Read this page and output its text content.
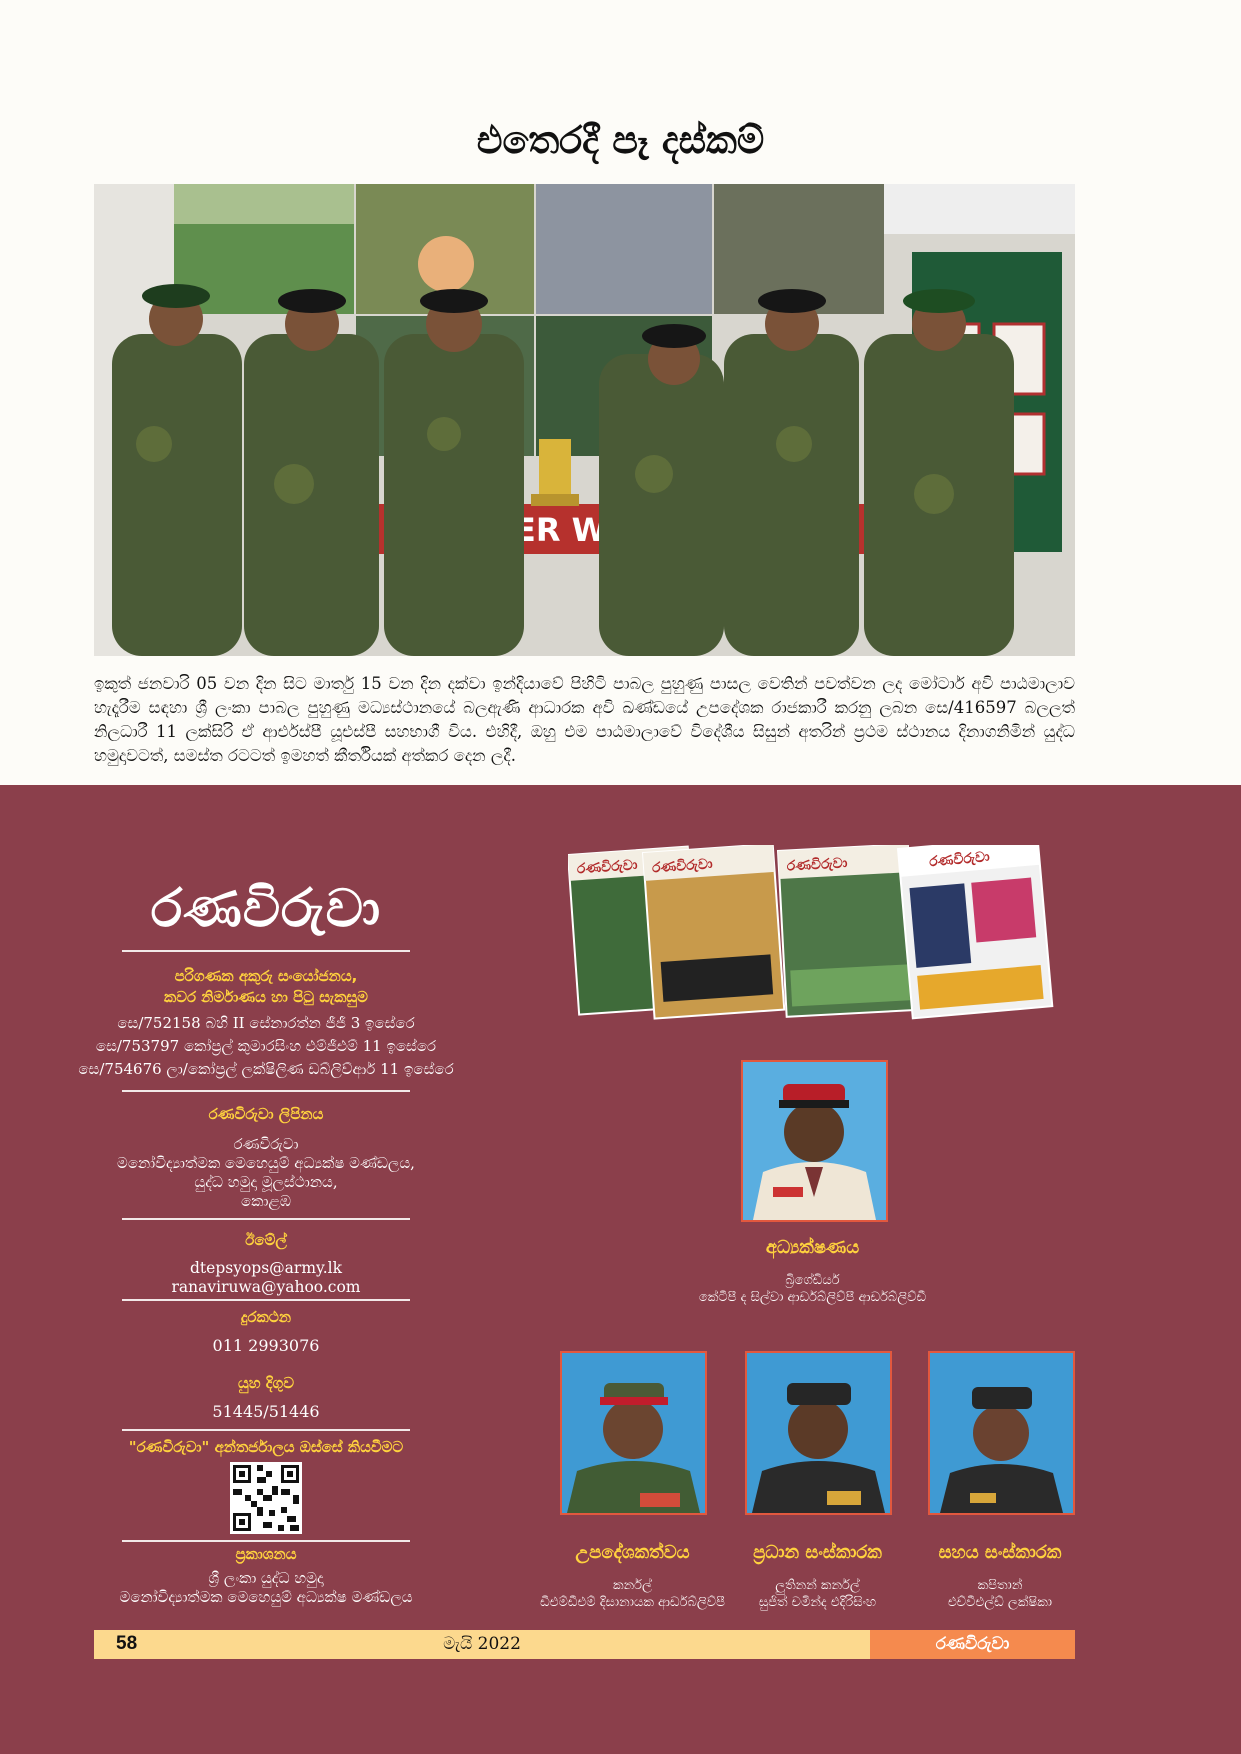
එතෙරදී පෑ දස්කම්
ER
ඉකුත් ජනවාරි 05 වන දින සිට මාර්තු 15 වන දින දක්වා ඉන්දියාවේ පිහිටි පාබල පුහුණු පාසල වෙතින් පවත්වන ලද මෝටාර් අවි පාඨමාලාව හැදෑරීම සඳහා ශ්‍රී ලංකා පාබල පුහුණු මධ්‍යස්ථානයේ බලඇණි ආධාරක අවි ඛණ්ඩයේ උපදේශක රාජකාරී කරනු ලබන සෙ/416597 බලලත් නිලධාරී 11 ලක්සිරි ඒ ආර්එස්පී යූඑස්පී සහභාගී විය. එහිදී, ඔහු එම පාඨමාලාවේ විදේශීය සිසුන් අතරින් ප්‍රථම ස්ථානය දිනාගනිමින් යුද්ධ හමුදාවටත්, සමස්ත රටටත් ඉමහත් කීර්තියක් අත්කර දෙන ලදී.
රණවිරුවා
පරිගණක අකුරු සංයෝජනය,
කවර නිර්මාණය හා පිටු සැකසුම
සෙ/752158 බහි II සේනාරත්න ජීජී 3 ඉසේරෙ
සෙ/753797 කෝප්‍රල් කුමාරසිංහ එම්ජීඑම් 11 ඉසේරෙ
සෙ/754676 ලා/කෝප්‍රල් ලක්ෂිලිණ ඩබ්ලිව්ආර් 11 ඉසේරෙ
රණවිරුවා ලිපිනය
රණවිරුවා
මනෝවිද්‍යාත්මක මෙහෙයුම් අධ්‍යක්ෂ මණ්ඩලය,
යුද්ධ හමුදා මූලස්ථානය,
කොළඹ
ඊමේල්
dtepsyops@army.lk
ranaviruwa@yahoo.com
දුරකථන
011 2993076
යුහ දිගුව
51445/51446
"රණවිරුවා" අන්තර්ජාලය ඔස්සේ කියවීමට
ප්‍රකාශනය
ශ්‍රී ලංකා යුද්ධ හමුදා
මනෝවිද්‍යාත්මක මෙහෙයුම් අධ්‍යක්ෂ මණ්ඩලය
රණවිරුවා රණවිරුවා	රණවිරුවා	රණවිරුවා
අධ්‍යක්ෂණය
බ්‍රිගේඩියර්
කේටීපී ද සිල්වා ආර්ඩබ්ලිව්පී ආර්ඩබ්ලිව්ඩී
උපදේශකත්වය
කර්නල්
ඩීඑම්ඩීඑම් දිසානායක ආර්ඩබ්ලිව්පී
ප්‍රධාන සංස්කාරක
ලුතිනන් කර්නල්
සුජිත් චමින්ද එදිරිසිංහ
සහය සංස්කාරක
කපිතාන්
එච්වීඑල්ඩ් ලක්ෂිකා
58	මැයි 2022	රණවිරුවා
